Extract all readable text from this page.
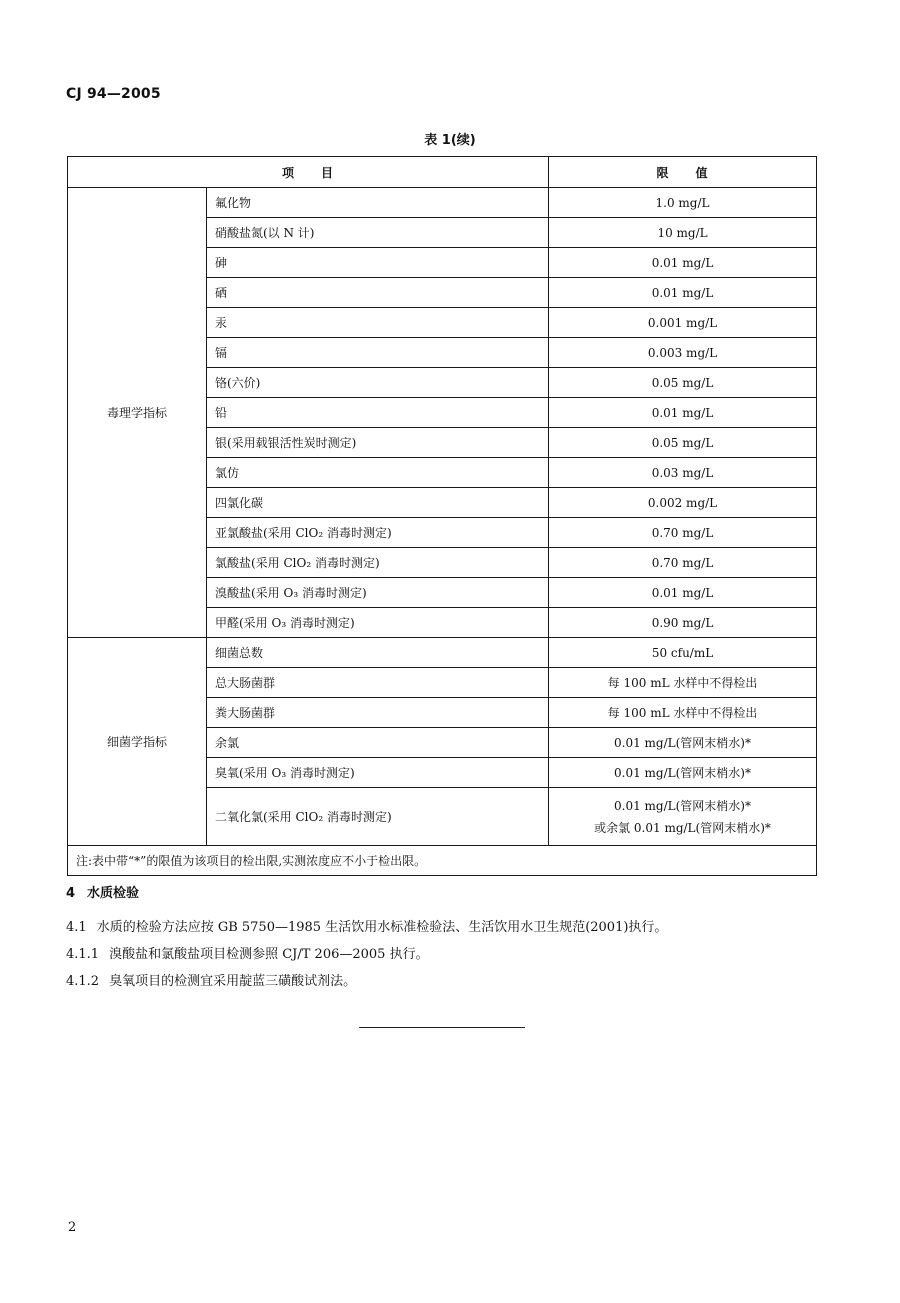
CJ 94—2005
表 1(续)
项　　目		限　　值
毒理学指标	氟化物	1.0 mg/L
	硝酸盐氮(以 N 计)	10 mg/L
	砷	0.01 mg/L
	硒	0.01 mg/L
	汞	0.001 mg/L
	镉	0.003 mg/L
	铬(六价)	0.05 mg/L
	铅	0.01 mg/L
	银(采用载银活性炭时测定)	0.05 mg/L
	氯仿	0.03 mg/L
	四氯化碳	0.002 mg/L
	亚氯酸盐(采用 ClO₂ 消毒时测定)	0.70 mg/L
	氯酸盐(采用 ClO₂ 消毒时测定)	0.70 mg/L
	溴酸盐(采用 O₃ 消毒时测定)	0.01 mg/L
	甲醛(采用 O₃ 消毒时测定)	0.90 mg/L
细菌学指标	细菌总数	50 cfu/mL
	总大肠菌群	每 100 mL 水样中不得检出
	粪大肠菌群	每 100 mL 水样中不得检出
	余氯	0.01 mg/L(管网末梢水)*
	臭氧(采用 O₃ 消毒时测定)	0.01 mg/L(管网末梢水)*
	二氧化氯(采用 ClO₂ 消毒时测定)	0.01 mg/L(管网末梢水)*
或余氯 0.01 mg/L(管网末梢水)*

注:表中带“*”的限值为该项目的检出限,实测浓度应不小于检出限。		
4 水质检验
4.1 水质的检验方法应按 GB 5750—1985 生活饮用水标准检验法、生活饮用水卫生规范(2001)执行。
4.1.1 溴酸盐和氯酸盐项目检测参照 CJ/T 206—2005 执行。
4.1.2 臭氧项目的检测宜采用靛蓝三磺酸试剂法。
2
